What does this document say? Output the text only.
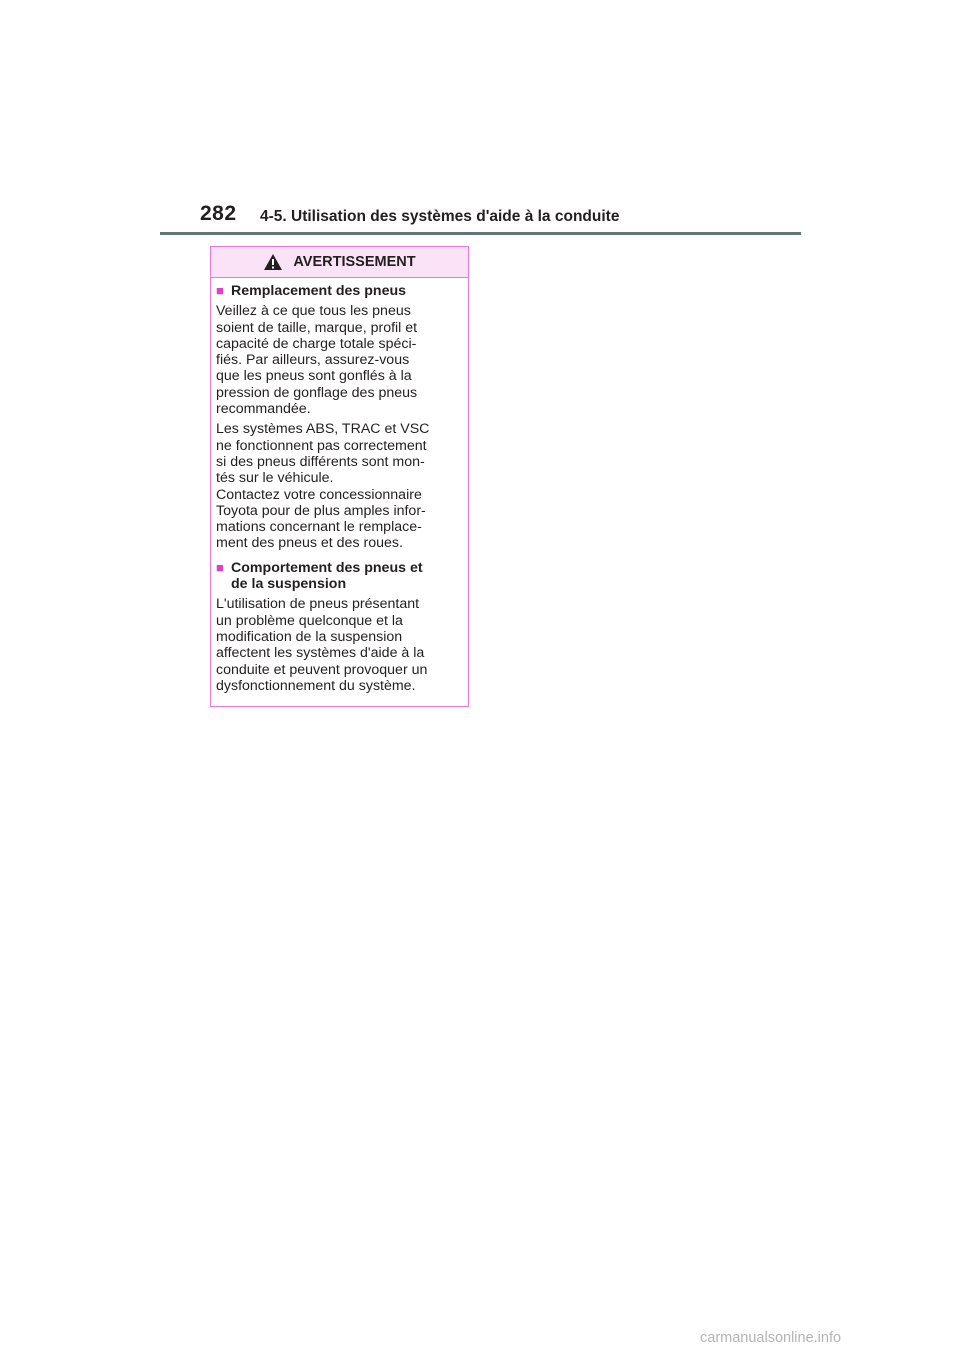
282 4-5. Utilisation des systèmes d'aide à la conduite
AVERTISSEMENT
■ Remplacement des pneus

Veillez à ce que tous les pneus
soient de taille, marque, profil et
capacité de charge totale spéci-
fiés. Par ailleurs, assurez-vous
que les pneus sont gonflés à la
pression de gonflage des pneus
recommandée.

Les systèmes ABS, TRAC et VSC
ne fonctionnent pas correctement
si des pneus différents sont mon-
tés sur le véhicule.
Contactez votre concessionnaire
Toyota pour de plus amples infor-
mations concernant le remplace-
ment des pneus et des roues.

■ Comportement des pneus et
de la suspension

L'utilisation de pneus présentant
un problème quelconque et la
modification de la suspension
affectent les systèmes d'aide à la
conduite et peuvent provoquer un
dysfonctionnement du système.

carmanualsonline.info
